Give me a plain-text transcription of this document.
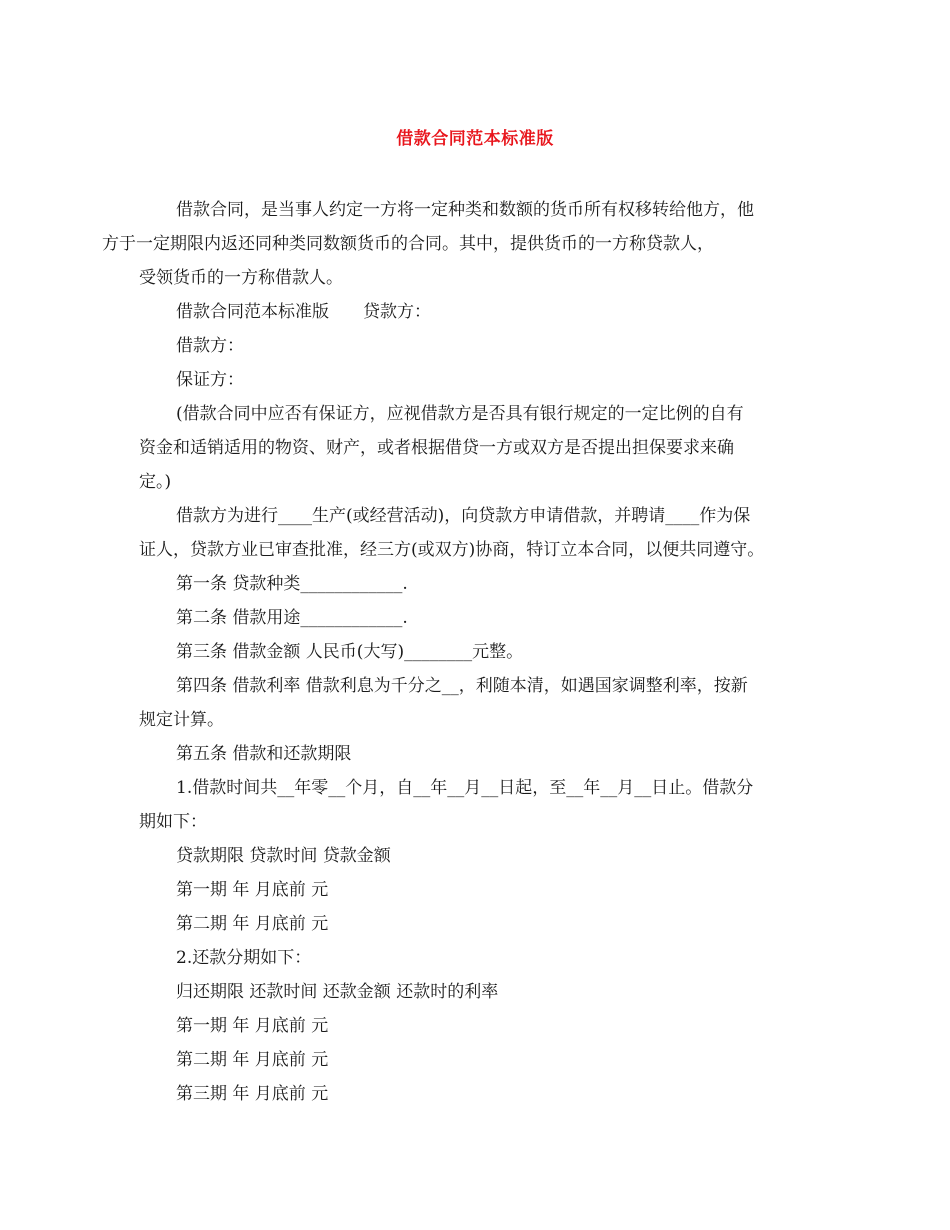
借款合同范本标准版

借款合同，是当事人约定一方将一定种类和数额的货币所有权移转给他方，他
方于一定期限内返还同种类同数额货币的合同。其中，提供货币的一方称贷款人，
受领货币的一方称借款人。

借款合同范本标准版　　贷款方：

借款方：

保证方：

(借款合同中应否有保证方，应视借款方是否具有银行规定的一定比例的自有
资金和适销适用的物资、财产，或者根据借贷一方或双方是否提出担保要求来确
定。)

借款方为进行____生产(或经营活动)，向贷款方申请借款，并聘请____作为保
证人，贷款方业已审查批准，经三方(或双方)协商，特订立本合同，以便共同遵守。

第一条 贷款种类____________.

第二条 借款用途____________.

第三条 借款金额 人民币(大写)________元整。

第四条 借款利率 借款利息为千分之__，利随本清，如遇国家调整利率，按新
规定计算。

第五条 借款和还款期限

1.借款时间共__年零__个月，自__年__月__日起，至__年__月__日止。借款分
期如下：

贷款期限 贷款时间 贷款金额

第一期 年 月底前 元

第二期 年 月底前 元

2.还款分期如下：

归还期限 还款时间 还款金额 还款时的利率

第一期 年 月底前 元

第二期 年 月底前 元

第三期 年 月底前 元
